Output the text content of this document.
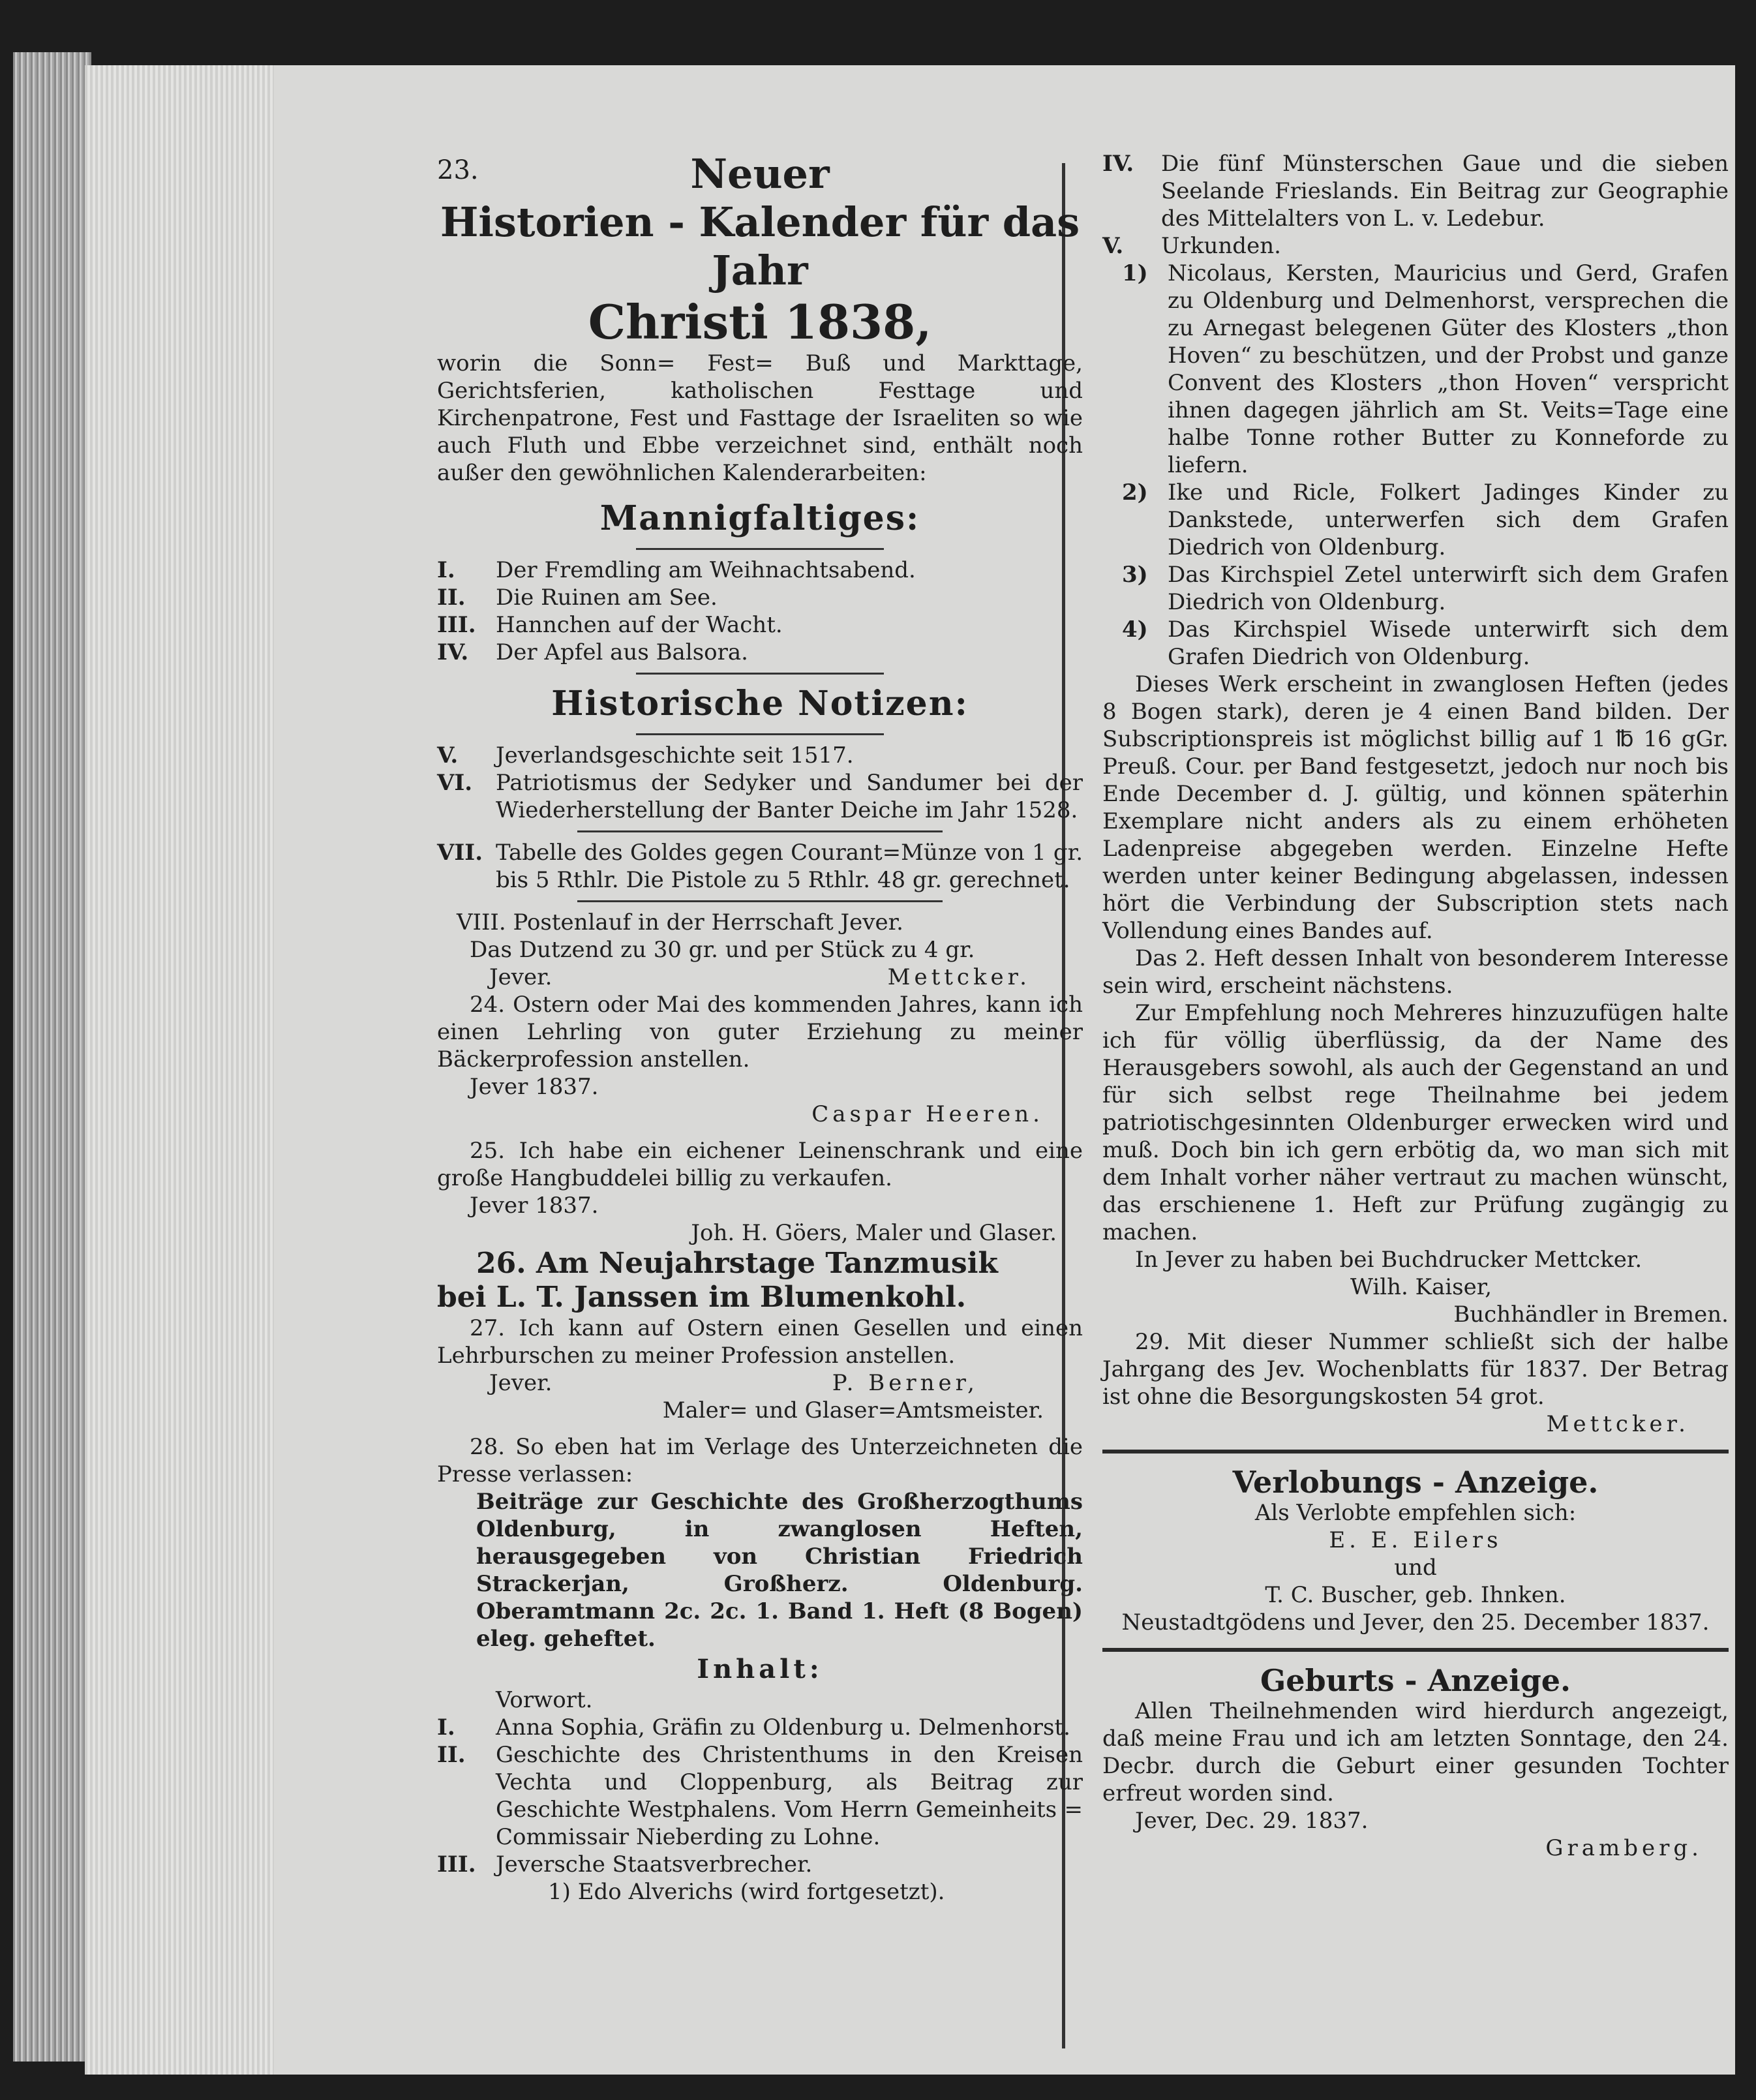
23.	Neuer
Historien - Kalender für das Jahr
Christi 1838,

worin die Sonn= Fest= Buß und Markttage, Gerichtsferien, katholischen Festtage und Kirchenpatrone, Fest und Fasttage der Israeliten so wie auch Fluth und Ebbe verzeichnet sind, enthält noch außer den gewöhnlichen Kalenderarbeiten:

Mannigfaltiges:
I.	Der Fremdling am Weihnachtsabend.
II.	Die Ruinen am See.
III. Hannchen auf der Wacht.
IV.	Der Apfel aus Balsora.
Historische Notizen:
V.	Jeverlandsgeschichte seit 1517.
VI.	Patriotismus der Sedyker und Sandumer bei der Wiederherstellung der Banter Deiche im Jahr 1528.
VII. Tabelle des Goldes gegen Courant=Münze von 1 gr. bis 5 Rthlr. Die Pistole zu 5 Rthlr. 48 gr. gerechnet.

VIII. Postenlauf in der Herrschaft Jever.

Das Dutzend zu 30 gr. und per Stück zu 4 gr.

Jever.	Mettcker.

24. Ostern oder Mai des kommenden Jahres, kann ich einen Lehrling von guter Erziehung zu meiner Bäckerprofession anstellen.

Jever 1837.

Caspar Heeren.

25. Ich habe ein eichener Leinenschrank und eine große Hangbuddelei billig zu verkaufen.

Jever 1837.

Joh. H. Göers, Maler und Glaser.

26. Am Neujahrstage Tanzmusik
bei L. T. Janssen im Blumenkohl.

27. Ich kann auf Ostern einen Gesellen und einen Lehrburschen zu meiner Profession anstellen.

Jever.	P. Berner,

Maler= und Glaser=Amtsmeister.

28. So eben hat im Verlage des Unterzeichneten die Presse verlassen:

Beiträge zur Geschichte des Großherzogthums Oldenburg, in zwanglosen Heften, herausgegeben von Christian Friedrich Strackerjan, Großherz. Oldenburg. Oberamtmann 2c. 2c. 1. Band 1. Heft (8 Bogen) eleg. geheftet.

Inhalt:

Vorwort.

I.	Anna Sophia, Gräfin zu Oldenburg u. Delmenhorst.
II.	Geschichte des Christenthums in den Kreisen Vechta und Cloppenburg, als Beitrag zur Geschichte Westphalens. Vom Herrn Gemeinheits = Commissair Nieberding zu Lohne.
III. Jeversche Staatsverbrecher.

1) Edo Alverichs (wird fortgesetzt).

IV.	Die fünf Münsterschen Gaue und die sieben Seelande Frieslands. Ein Beitrag zur Geographie des Mittelalters von L. v. Ledebur.
V.	Urkunden.
1) Nicolaus, Kersten, Mauricius und Gerd, Grafen zu Oldenburg und Delmenhorst, versprechen die zu Arnegast belegenen Güter des Klosters „thon Hoven“ zu beschützen, und der Probst und ganze Convent des Klosters „thon Hoven“ verspricht ihnen dagegen jährlich am St. Veits=Tage eine halbe Tonne rother Butter zu Konneforde zu liefern.
2) Ike und Ricle, Folkert Jadinges Kinder zu Dankstede, unterwerfen sich dem Grafen Diedrich von Oldenburg.
3) Das Kirchspiel Zetel unterwirft sich dem Grafen Diedrich von Oldenburg.
4) Das Kirchspiel Wisede unterwirft sich dem Grafen Diedrich von Oldenburg.

Dieses Werk erscheint in zwanglosen Heften (jedes 8 Bogen stark), deren je 4 einen Band bilden. Der Subscriptionspreis ist möglichst billig auf 1 ℔ 16 gGr. Preuß. Cour. per Band festgesetzt, jedoch nur noch bis Ende December d. J. gültig, und können späterhin Exemplare nicht anders als zu einem erhöheten Ladenpreise abgegeben werden. Einzelne Hefte werden unter keiner Bedingung abgelassen, indessen hört die Verbindung der Subscription stets nach Vollendung eines Bandes auf.

Das 2. Heft dessen Inhalt von besonderem Interesse sein wird, erscheint nächstens.

Zur Empfehlung noch Mehreres hinzuzufügen halte ich für völlig überflüssig, da der Name des Herausgebers sowohl, als auch der Gegenstand an und für sich selbst rege Theilnahme bei jedem patriotischgesinnten Oldenburger erwecken wird und muß. Doch bin ich gern erbötig da, wo man sich mit dem Inhalt vorher näher vertraut zu machen wünscht, das erschienene 1. Heft zur Prüfung zugängig zu machen.

In Jever zu haben bei Buchdrucker Mettcker.

Wilh. Kaiser,

Buchhändler in Bremen.

29. Mit dieser Nummer schließt sich der halbe Jahrgang des Jev. Wochenblatts für 1837. Der Betrag ist ohne die Besorgungskosten 54 grot.

Mettcker.

Verlobungs - Anzeige.

Als Verlobte empfehlen sich:

E. E. Eilers

und

T. C. Buscher, geb. Ihnken.

Neustadtgödens und Jever, den 25. December 1837.

Geburts - Anzeige.

Allen Theilnehmenden wird hierdurch angezeigt, daß meine Frau und ich am letzten Sonntage, den 24. Decbr. durch die Geburt einer gesunden Tochter erfreut worden sind.

Jever, Dec. 29. 1837.

Gramberg.
